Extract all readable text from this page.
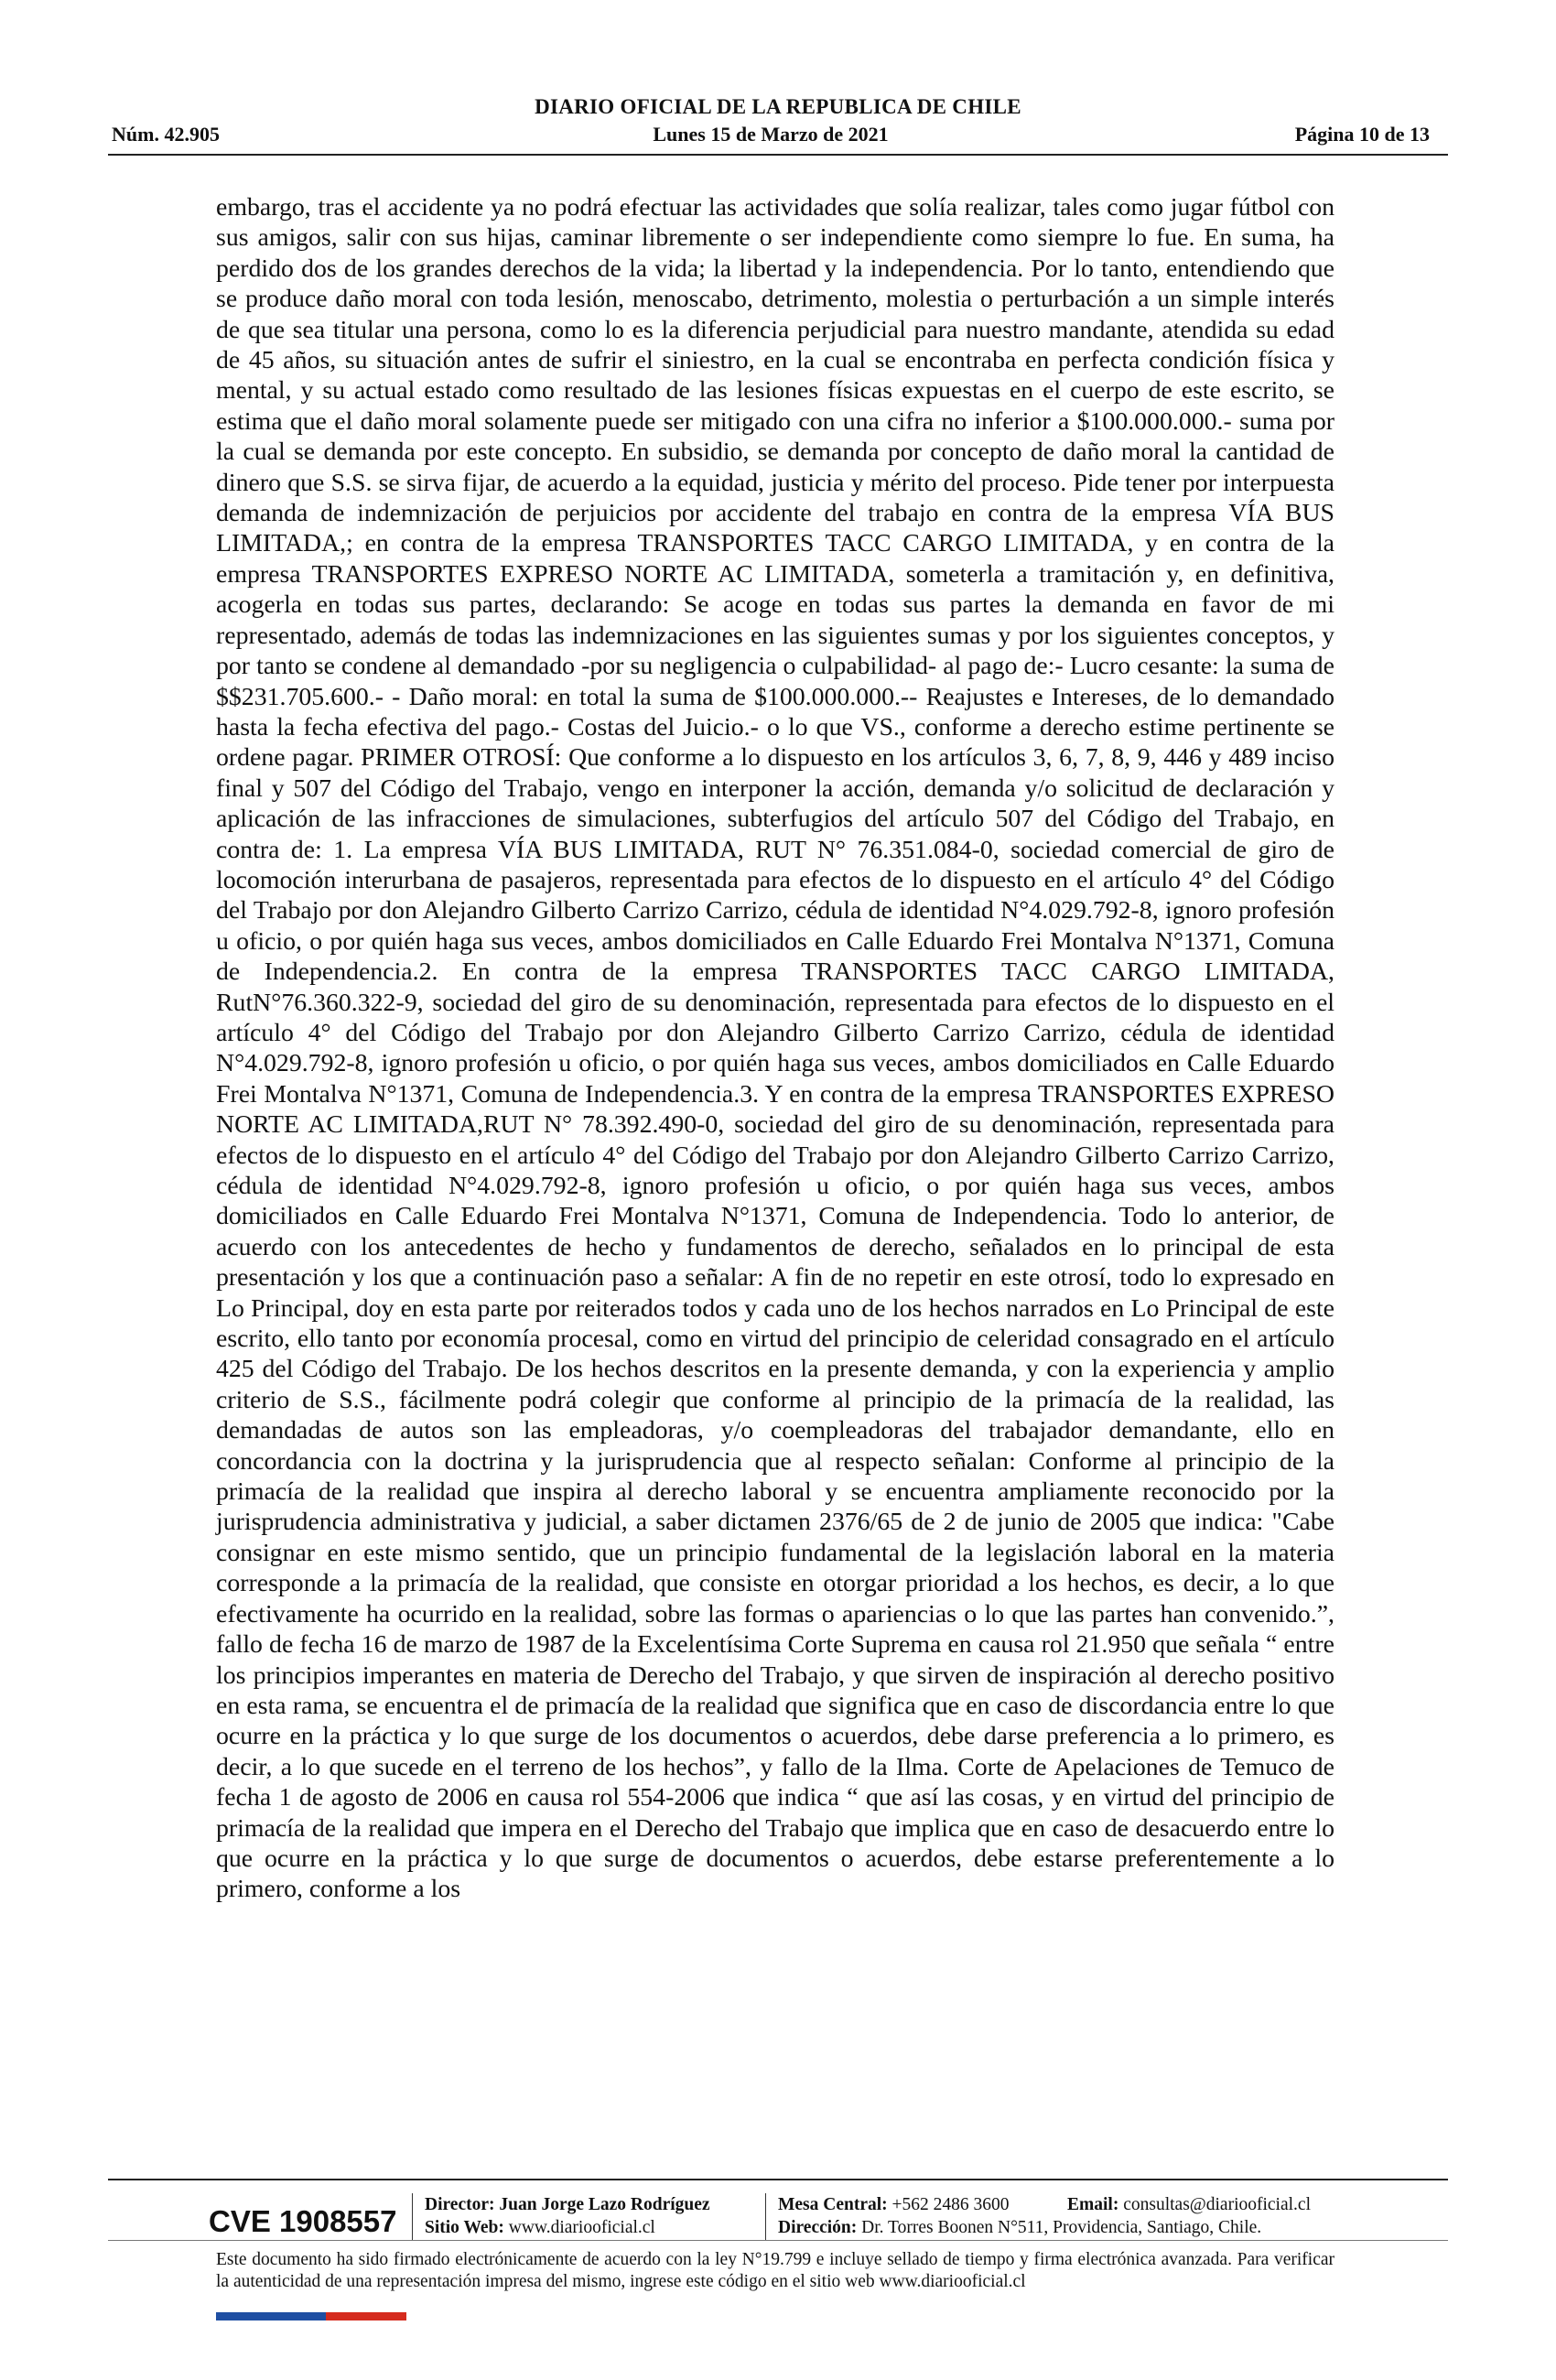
DIARIO OFICIAL DE LA REPUBLICA DE CHILE
Lunes 15 de Marzo de 2021
Núm. 42.905	Página 10 de 13
embargo, tras el accidente ya no podrá efectuar las actividades que solía realizar, tales como jugar fútbol con sus amigos, salir con sus hijas, caminar libremente o ser independiente como siempre lo fue. En suma, ha perdido dos de los grandes derechos de la vida; la libertad y la independencia. Por lo tanto, entendiendo que se produce daño moral con toda lesión, menoscabo, detrimento, molestia o perturbación a un simple interés de que sea titular una persona, como lo es la diferencia perjudicial para nuestro mandante, atendida su edad de 45 años, su situación antes de sufrir el siniestro, en la cual se encontraba en perfecta condición física y mental, y su actual estado como resultado de las lesiones físicas expuestas en el cuerpo de este escrito, se estima que el daño moral solamente puede ser mitigado con una cifra no inferior a $100.000.000.- suma por la cual se demanda por este concepto. En subsidio, se demanda por concepto de daño moral la cantidad de dinero que S.S. se sirva fijar, de acuerdo a la equidad, justicia y mérito del proceso. Pide tener por interpuesta demanda de indemnización de perjuicios por accidente del trabajo en contra de la empresa VÍA BUS LIMITADA,; en contra de la empresa TRANSPORTES TACC CARGO LIMITADA, y en contra de la empresa TRANSPORTES EXPRESO NORTE AC LIMITADA, someterla a tramitación y, en definitiva, acogerla en todas sus partes, declarando: Se acoge en todas sus partes la demanda en favor de mi representado, además de todas las indemnizaciones en las siguientes sumas y por los siguientes conceptos, y por tanto se condene al demandado -por su negligencia o culpabilidad- al pago de:- Lucro cesante: la suma de $$231.705.600.- - Daño moral: en total la suma de $100.000.000.-- Reajustes e Intereses, de lo demandado hasta la fecha efectiva del pago.- Costas del Juicio.- o lo que VS., conforme a derecho estime pertinente se ordene pagar. PRIMER OTROSÍ: Que conforme a lo dispuesto en los artículos 3, 6, 7, 8, 9, 446 y 489 inciso final y 507 del Código del Trabajo, vengo en interponer la acción, demanda y/o solicitud de declaración y aplicación de las infracciones de simulaciones, subterfugios del artículo 507 del Código del Trabajo, en contra de: 1. La empresa VÍA BUS LIMITADA, RUT N° 76.351.084-0, sociedad comercial de giro de locomoción interurbana de pasajeros, representada para efectos de lo dispuesto en el artículo 4° del Código del Trabajo por don Alejandro Gilberto Carrizo Carrizo, cédula de identidad N°4.029.792-8, ignoro profesión u oficio, o por quién haga sus veces, ambos domiciliados en Calle Eduardo Frei Montalva N°1371, Comuna de Independencia.2. En contra de la empresa TRANSPORTES TACC CARGO LIMITADA, RutN°76.360.322-9, sociedad del giro de su denominación, representada para efectos de lo dispuesto en el artículo 4° del Código del Trabajo por don Alejandro Gilberto Carrizo Carrizo, cédula de identidad N°4.029.792-8, ignoro profesión u oficio, o por quién haga sus veces, ambos domiciliados en Calle Eduardo Frei Montalva N°1371, Comuna de Independencia.3. Y en contra de la empresa TRANSPORTES EXPRESO NORTE AC LIMITADA,RUT N° 78.392.490-0, sociedad del giro de su denominación, representada para efectos de lo dispuesto en el artículo 4° del Código del Trabajo por don Alejandro Gilberto Carrizo Carrizo, cédula de identidad N°4.029.792-8, ignoro profesión u oficio, o por quién haga sus veces, ambos domiciliados en Calle Eduardo Frei Montalva N°1371, Comuna de Independencia. Todo lo anterior, de acuerdo con los antecedentes de hecho y fundamentos de derecho, señalados en lo principal de esta presentación y los que a continuación paso a señalar: A fin de no repetir en este otrosí, todo lo expresado en Lo Principal, doy en esta parte por reiterados todos y cada uno de los hechos narrados en Lo Principal de este escrito, ello tanto por economía procesal, como en virtud del principio de celeridad consagrado en el artículo 425 del Código del Trabajo. De los hechos descritos en la presente demanda, y con la experiencia y amplio criterio de S.S., fácilmente podrá colegir que conforme al principio de la primacía de la realidad, las demandadas de autos son las empleadoras, y/o coempleadoras del trabajador demandante, ello en concordancia con la doctrina y la jurisprudencia que al respecto señalan: Conforme al principio de la primacía de la realidad que inspira al derecho laboral y se encuentra ampliamente reconocido por la jurisprudencia administrativa y judicial, a saber dictamen 2376/65 de 2 de junio de 2005 que indica: "Cabe consignar en este mismo sentido, que un principio fundamental de la legislación laboral en la materia corresponde a la primacía de la realidad, que consiste en otorgar prioridad a los hechos, es decir, a lo que efectivamente ha ocurrido en la realidad, sobre las formas o apariencias o lo que las partes han convenido.”, fallo de fecha 16 de marzo de 1987 de la Excelentísima Corte Suprema en causa rol 21.950 que señala “ entre los principios imperantes en materia de Derecho del Trabajo, y que sirven de inspiración al derecho positivo en esta rama, se encuentra el de primacía de la realidad que significa que en caso de discordancia entre lo que ocurre en la práctica y lo que surge de los documentos o acuerdos, debe darse preferencia a lo primero, es decir, a lo que sucede en el terreno de los hechos”, y fallo de la Ilma. Corte de Apelaciones de Temuco de fecha 1 de agosto de 2006 en causa rol 554-2006 que indica “ que así las cosas, y en virtud del principio de primacía de la realidad que impera en el Derecho del Trabajo que implica que en caso de desacuerdo entre lo que ocurre en la práctica y lo que surge de documentos o acuerdos, debe estarse preferentemente a lo primero, conforme a los
CVE 1908557 Director: Juan Jorge Lazo Rodríguez
Sitio Web: www.diariooficial.cl
Mesa Central: +562 2486 3600	Email: consultas@diariooficial.cl
Dirección: Dr. Torres Boonen N°511, Providencia, Santiago, Chile.
Este documento ha sido firmado electrónicamente de acuerdo con la ley N°19.799 e incluye sellado de tiempo y firma electrónica avanzada. Para verificar la autenticidad de una representación impresa del mismo, ingrese este código en el sitio web www.diariooficial.cl
